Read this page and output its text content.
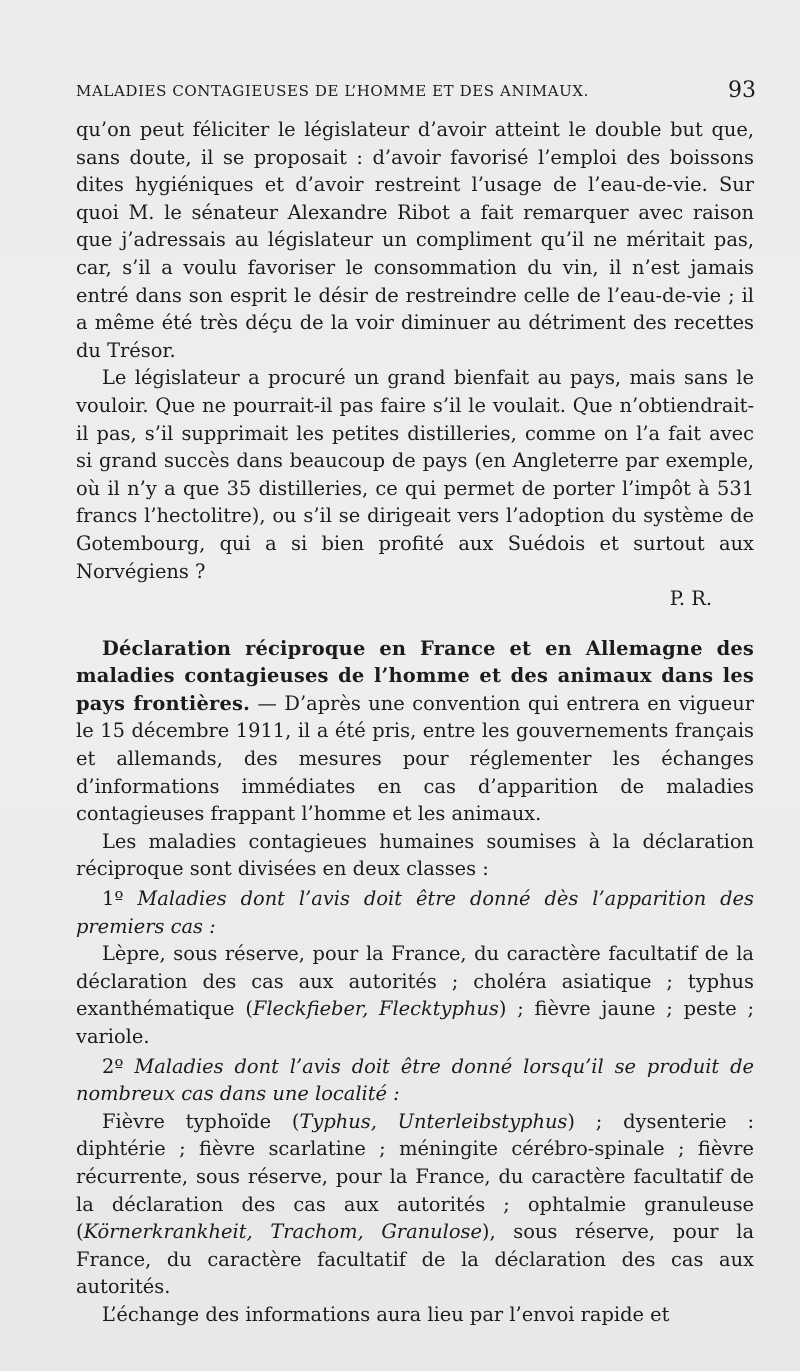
MALADIES CONTAGIEUSES DE L’HOMME ET DES ANIMAUX.	93

qu’on peut féliciter le législateur d’avoir atteint le double but que, sans doute, il se proposait : d’avoir favorisé l’emploi des boissons dites hygiéniques et d’avoir restreint l’usage de l’eau-de-vie. Sur quoi M. le sénateur Alexandre Ribot a fait remarquer avec raison que j’adressais au législateur un compliment qu’il ne méritait pas, car, s’il a voulu favoriser le consommation du vin, il n’est jamais entré dans son esprit le désir de restreindre celle de l’eau-de-vie ; il a même été très déçu de la voir diminuer au détriment des recettes du Trésor.

Le législateur a procuré un grand bienfait au pays, mais sans le vouloir. Que ne pourrait-il pas faire s’il le voulait. Que n’obtiendrait-il pas, s’il supprimait les petites distilleries, comme on l’a fait avec si grand succès dans beaucoup de pays (en Angleterre par exemple, où il n’y a que 35 distilleries, ce qui permet de porter l’impôt à 531 francs l’hectolitre), ou s’il se dirigeait vers l’adoption du système de Gotembourg, qui a si bien profité aux Suédois et surtout aux Norvégiens ?

P. R.

Déclaration réciproque en France et en Allemagne des maladies contagieuses de l’homme et des animaux dans les pays frontières. — D’après une convention qui entrera en vigueur le 15 décembre 1911, il a été pris, entre les gouvernements français et allemands, des mesures pour réglementer les échanges d’informations immédiates en cas d’apparition de maladies contagieuses frappant l’homme et les animaux.

Les maladies contagieues humaines soumises à la déclaration réciproque sont divisées en deux classes :

1º Maladies dont l’avis doit être donné dès l’apparition des premiers cas :

Lèpre, sous réserve, pour la France, du caractère facultatif de la déclaration des cas aux autorités ; choléra asiatique ; typhus exanthématique (Fleckfieber, Flecktyphus) ; fièvre jaune ; peste ; variole.

2º Maladies dont l’avis doit être donné lorsqu’il se produit de nombreux cas dans une localité :

Fièvre typhoïde (Typhus, Unterleibstyphus) ; dysenterie : diphtérie ; fièvre scarlatine ; méningite cérébro-spinale ; fièvre récurrente, sous réserve, pour la France, du caractère facultatif de la déclaration des cas aux autorités ; ophtalmie granuleuse (Körnerkrankheit, Trachom, Granulose), sous réserve, pour la France, du caractère facultatif de la déclaration des cas aux autorités.

L’échange des informations aura lieu par l’envoi rapide et
